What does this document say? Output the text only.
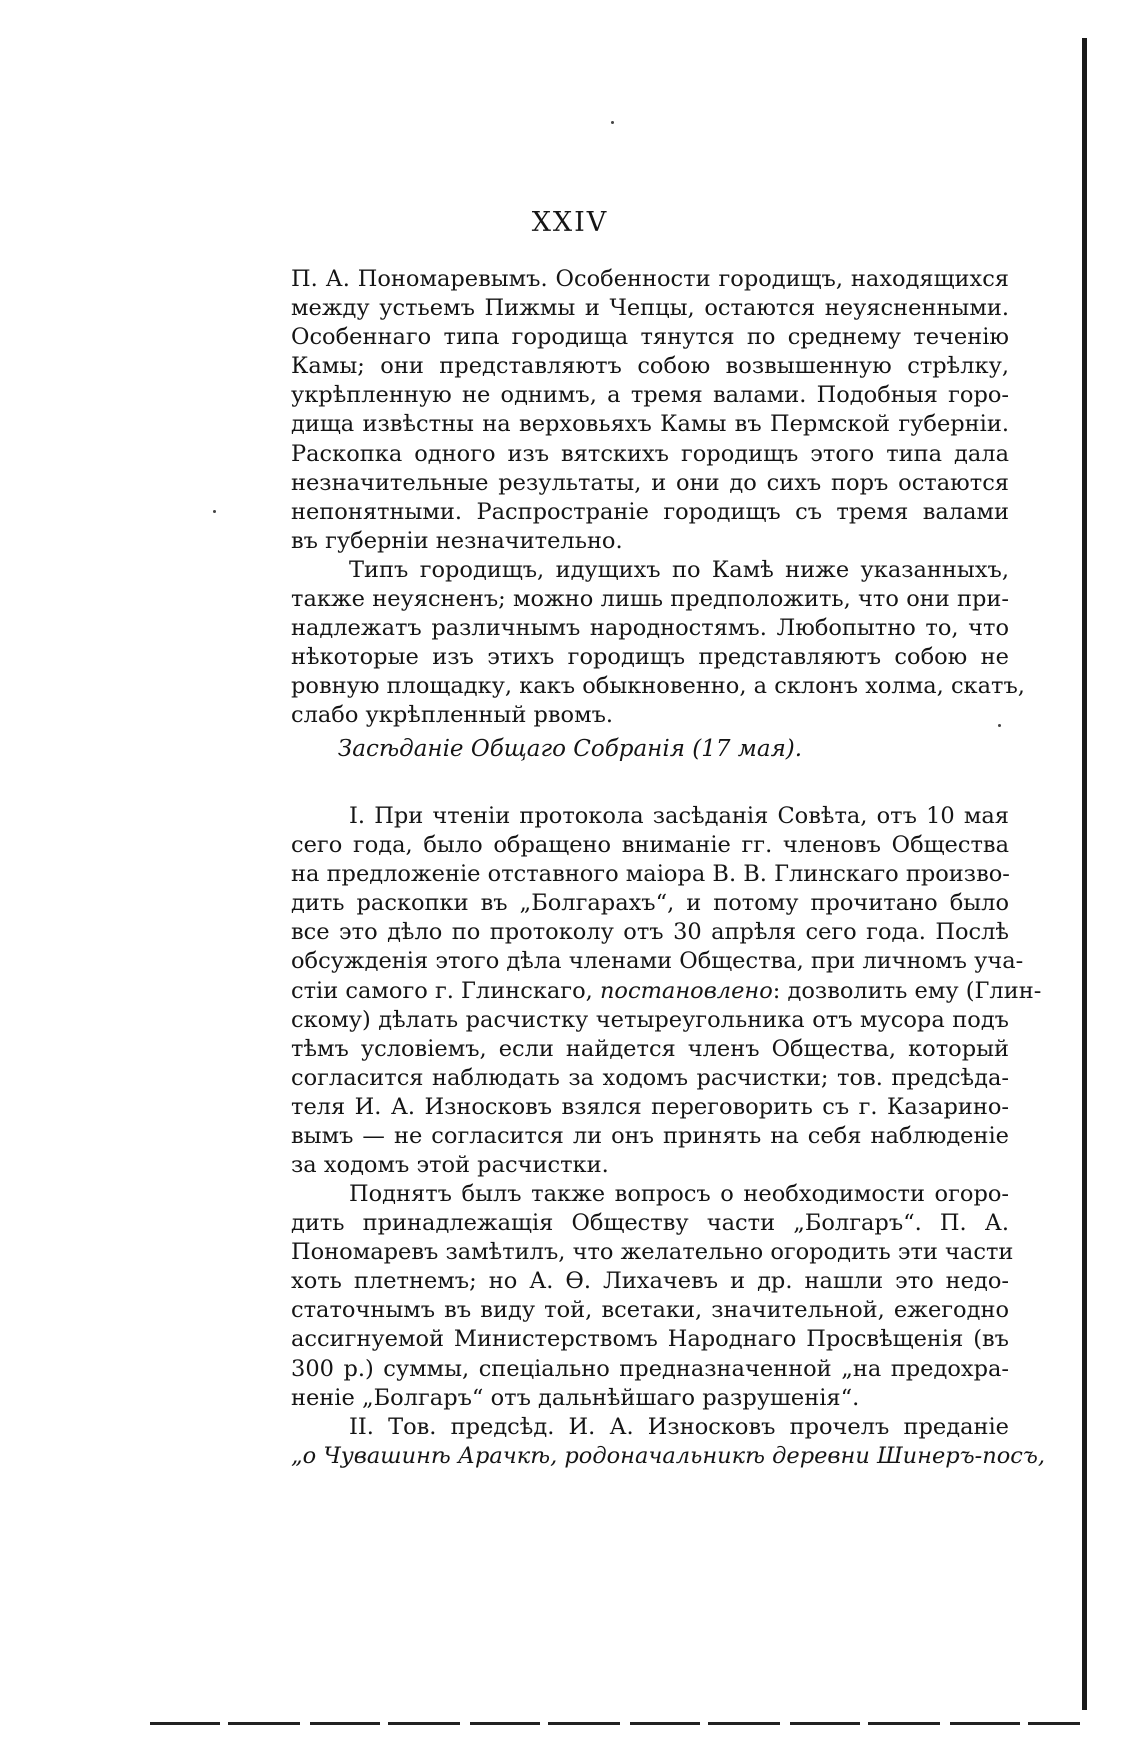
XXIV
П. А. Пономаревымъ. Особенности городищъ, находящихся
между устьемъ Пижмы и Чепцы, остаются неуясненными.
Особеннаго типа городища тянутся по среднему теченію
Камы; они представляютъ собою возвышенную стрѣлку,
укрѣпленную не однимъ, а тремя валами. Подобныя горо-
дища извѣстны на верховьяхъ Камы въ Пермской губерніи.
Раскопка одного изъ вятскихъ городищъ этого типа дала
незначительные результаты, и они до сихъ поръ остаются
непонятными. Распространіе городищъ съ тремя валами
въ губерніи незначительно.
Типъ городищъ, идущихъ по Камѣ ниже указанныхъ,
также неуясненъ; можно лишь предположить, что они при-
надлежатъ различнымъ народностямъ. Любопытно то, что
нѣкоторые изъ этихъ городищъ представляютъ собою не
ровную площадку, какъ обыкновенно, а склонъ холма, скатъ,
слабо укрѣпленный рвомъ.
Засѣданіе Общаго Собранія (17 мая).
I. При чтеніи протокола засѣданія Совѣта, отъ 10 мая
сего года, было обращено вниманіе гг. членовъ Общества
на предложеніе отставного маіора В. В. Глинскаго произво-
дить раскопки въ „Болгарахъ“, и потому прочитано было
все это дѣло по протоколу отъ 30 апрѣля сего года. Послѣ
обсужденія этого дѣла членами Общества, при личномъ уча-
стіи самого г. Глинскаго, постановлено: дозволить ему (Глин-
скому) дѣлать расчистку четыреугольника отъ мусора подъ
тѣмъ условіемъ, если найдется членъ Общества, который
согласится наблюдать за ходомъ расчистки; тов. предсѣда-
теля И. А. Износковъ взялся переговорить съ г. Казарино-
вымъ — не согласится ли онъ принять на себя наблюденіе
за ходомъ этой расчистки.
Поднятъ былъ также вопросъ о необходимости огоро-
дить принадлежащія Обществу части „Болгаръ“. П. А.
Пономаревъ замѣтилъ, что желательно огородить эти части
хоть плетнемъ; но А. Ѳ. Лихачевъ и др. нашли это недо-
статочнымъ въ виду той, всетаки, значительной, ежегодно
ассигнуемой Министерствомъ Народнаго Просвѣщенія (въ
300 р.) суммы, спеціально предназначенной „на предохра-
неніе „Болгаръ“ отъ дальнѣйшаго разрушенія“.
II. Тов. предсѣд. И. А. Износковъ прочелъ преданіе
„о Чувашинѣ Арачкѣ, родоначальникѣ деревни Шинеръ-посъ,
